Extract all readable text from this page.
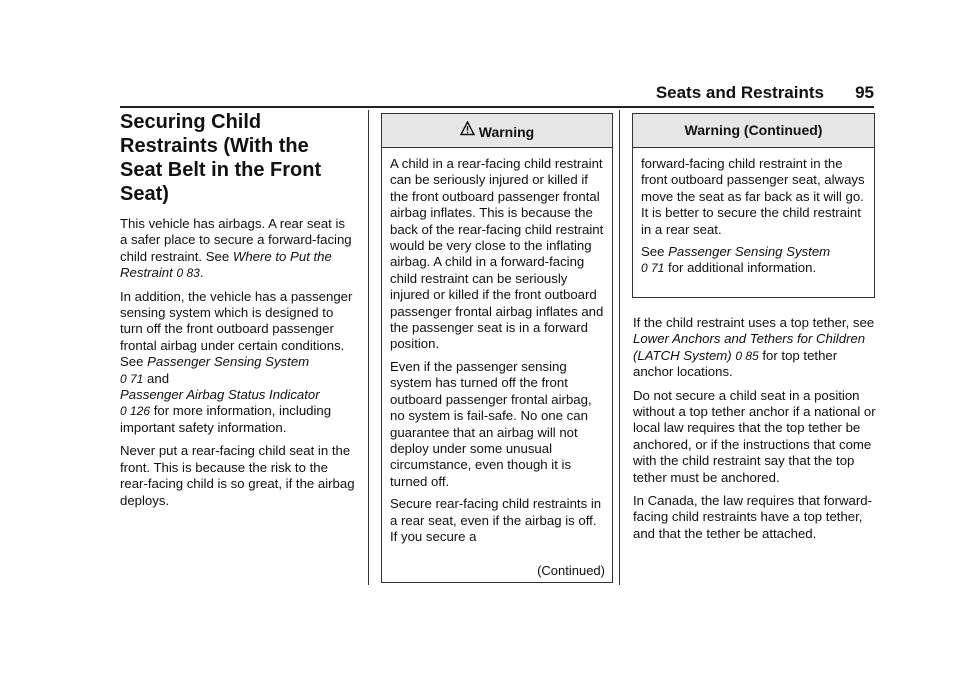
Seats and Restraints 95
Securing Child Restraints (With the Seat Belt in the Front Seat)

This vehicle has airbags. A rear seat is a safer place to secure a forward-facing child restraint. See Where to Put the Restraint 0 83.

In addition, the vehicle has a passenger sensing system which is designed to turn off the front outboard passenger frontal airbag under certain conditions. See Passenger Sensing System
0 71 and
Passenger Airbag Status Indicator
0 126 for more information, including important safety information.

Never put a rear-facing child seat in the front. This is because the risk to the rear-facing child is so great, if the airbag deploys.

Warning

A child in a rear-facing child restraint can be seriously injured or killed if the front outboard passenger frontal airbag inflates. This is because the back of the rear-facing child restraint would be very close to the inflating airbag. A child in a forward-facing child restraint can be seriously injured or killed if the front outboard passenger frontal airbag inflates and the passenger seat is in a forward position.

Even if the passenger sensing system has turned off the front outboard passenger frontal airbag, no system is fail-safe. No one can guarantee that an airbag will not deploy under some unusual circumstance, even though it is turned off.

Secure rear-facing child restraints in a rear seat, even if the airbag is off. If you secure a

(Continued)
Warning (Continued)

forward-facing child restraint in the front outboard passenger seat, always move the seat as far back as it will go. It is better to secure the child restraint in a rear seat.

See Passenger Sensing System
0 71 for additional information.

If the child restraint uses a top tether, see Lower Anchors and Tethers for Children (LATCH System) 0 85 for top tether anchor locations.

Do not secure a child seat in a position without a top tether anchor if a national or local law requires that the top tether be anchored, or if the instructions that come with the child restraint say that the top tether must be anchored.

In Canada, the law requires that forward-facing child restraints have a top tether, and that the tether be attached.
